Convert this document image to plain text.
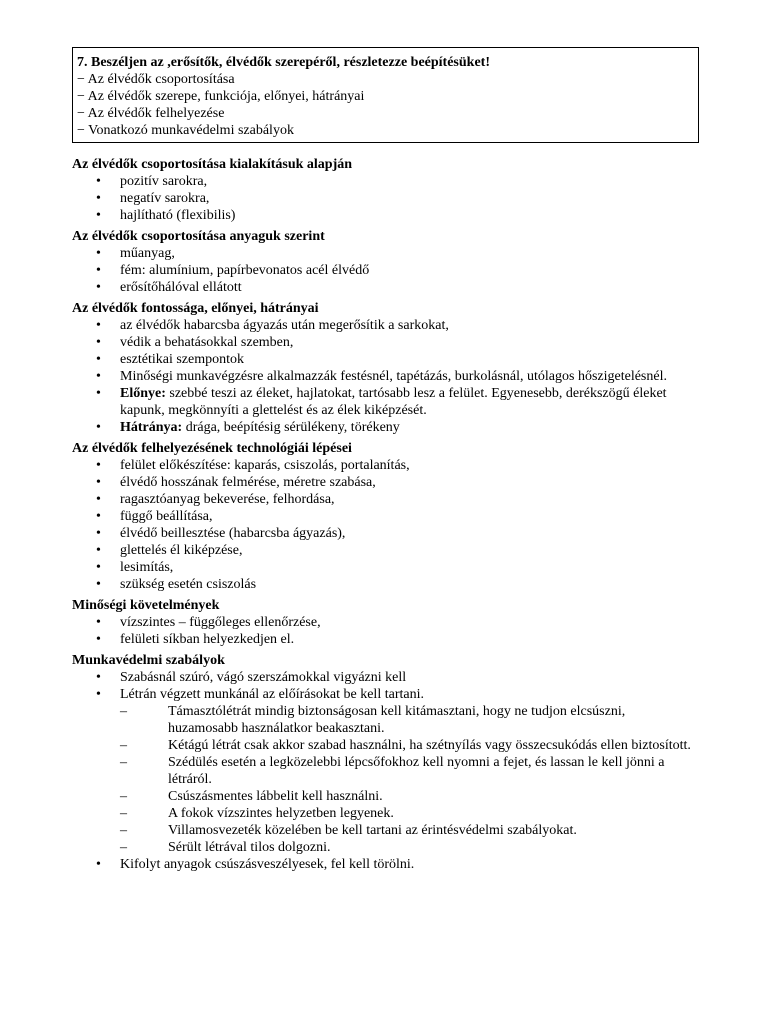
7. Beszéljen az ,erősítők, élvédők szerepéről, részletezze beépítésüket!
− Az élvédők csoportosítása
− Az élvédők szerepe, funkciója, előnyei, hátrányai
− Az élvédők felhelyezése
− Vonatkozó munkavédelmi szabályok
Az élvédők csoportosítása kialakításuk alapján
• pozitív sarokra,
• negatív sarokra,
• hajlítható (flexibilis)
Az élvédők csoportosítása anyaguk szerint
• műanyag,
• fém: alumínium, papírbevonatos acél élvédő
• erősítőhálóval ellátott
Az élvédők fontossága, előnyei, hátrányai
• az élvédők habarcsba ágyazás után megerősítik a sarkokat,
• védik a behatásokkal szemben,
• esztétikai szempontok
• Minőségi munkavégzésre alkalmazzák festésnél, tapétázás, burkolásnál, utólagos hőszigetelésnél.
• Előnye: szebbé teszi az éleket, hajlatokat, tartósabb lesz a felület. Egyenesebb, derékszögű éleket kapunk, megkönnyíti a glettelést és az élek kiképzését.
• Hátránya: drága, beépítésig sérülékeny, törékeny
Az élvédők felhelyezésének technológiái lépései
• felület előkészítése: kaparás, csiszolás, portalanítás,
• élvédő hosszának felmérése, méretre szabása,
• ragasztóanyag bekeverése, felhordása,
• függő beállítása,
• élvédő beillesztése (habarcsba ágyazás),
• glettelés él kiképzése,
• lesimítás,
• szükség esetén csiszolás
Minőségi követelmények
• vízszintes – függőleges ellenőrzése,
• felületi síkban helyezkedjen el.
Munkavédelmi szabályok
• Szabásnál szúró, vágó szerszámokkal vigyázni kell
• Létrán végzett munkánál az előírásokat be kell tartani.
– Támasztólétrát mindig biztonságosan kell kitámasztani, hogy ne tudjon elcsúszni, huzamosabb használatkor beakasztani.
– Kétágú létrát csak akkor szabad használni, ha szétnyílás vagy összecsukódás ellen biztosított.
– Szédülés esetén a legközelebbi lépcsőfokhoz kell nyomni a fejet, és lassan le kell jönni a létráról.
– Csúszásmentes lábbelit kell használni.
– A fokok vízszintes helyzetben legyenek.
– Villamosvezeték közelében be kell tartani az érintésvédelmi szabályokat.
– Sérült létrával tilos dolgozni.
• Kifolyt anyagok csúszásveszélyesek, fel kell törölni.
